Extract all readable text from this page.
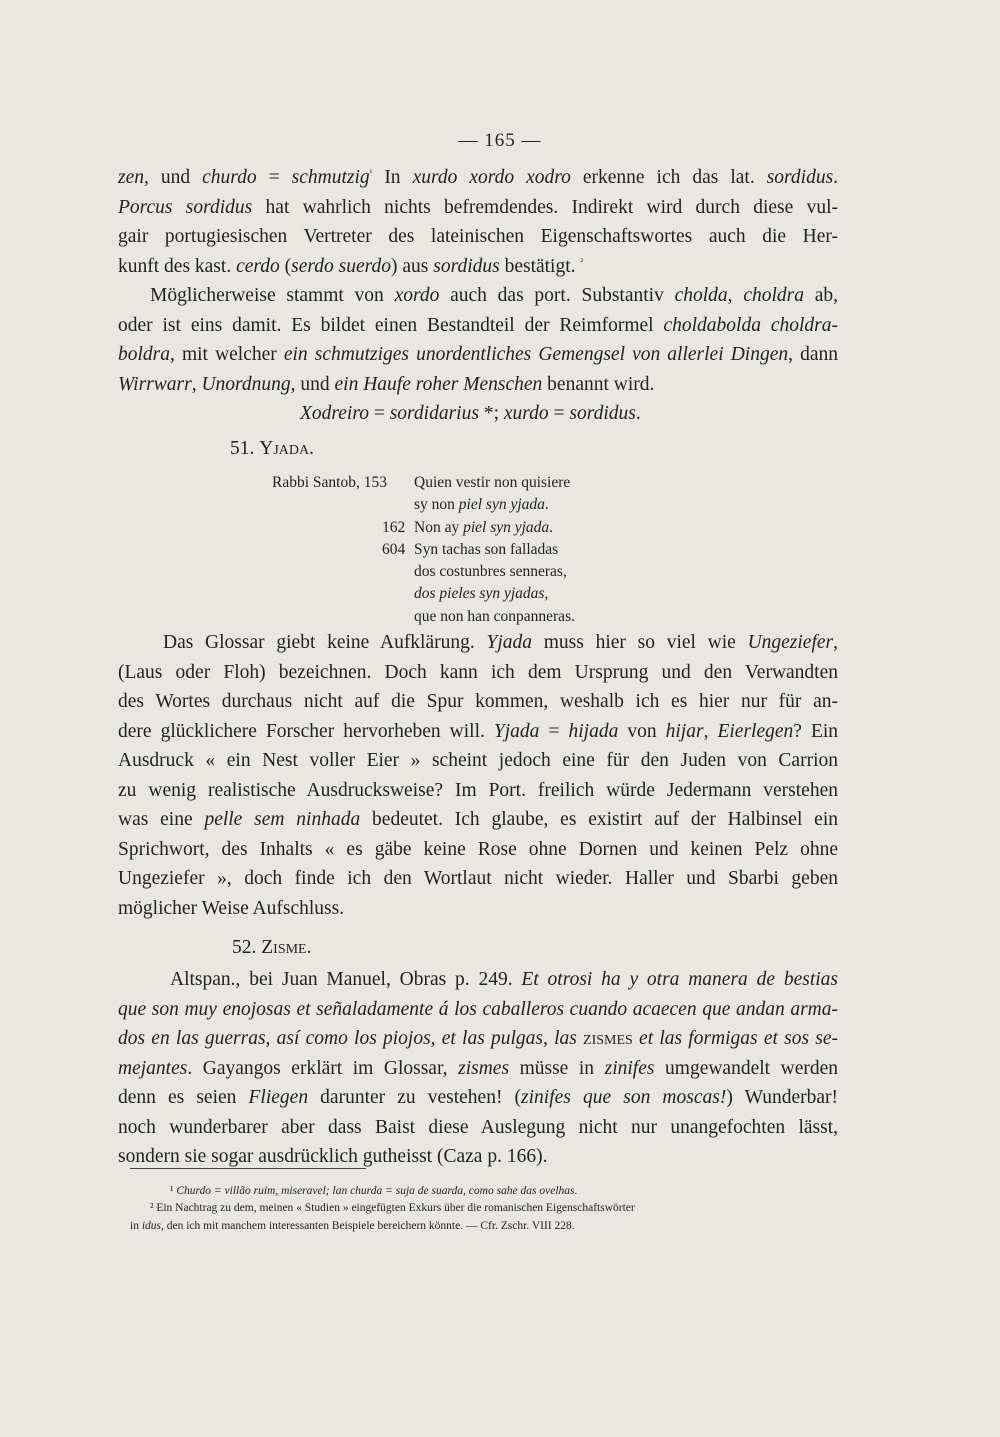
— 165 —
zen, und churdo = schmutzig$^{^1}$ In xurdo xordo xodro erkenne ich das lat. sordidus.
Porcus sordidus hat wahrlich nichts befremdendes. Indirekt wird durch diese vul-
gair portugiesischen Vertreter des lateinischen Eigenschaftswortes auch die Her-
kunft des kast. cerdo (serdo suerdo) aus sordidus bestätigt. $^{^2}$
Möglicherweise stammt von xordo auch das port. Substantiv cholda, choldra ab,
oder ist eins damit. Es bildet einen Bestandteil der Reimformel choldabolda choldra-
boldra, mit welcher ein schmutziges unordentliches Gemengsel von allerlei Dingen, dann
Wirrwarr, Unordnung, und ein Haufe roher Menschen benannt wird.
Xodreiro = sordidarius *; xurdo = sordidus.
51. Yjada.
Rabbi Santob, 153	Quien vestir non quisiere
sy non piel syn yjada.
162 Non ay piel syn yjada.
604 Syn tachas son falladas
dos costunbres senneras,
dos pieles syn yjadas,
que non han conpanneras.
Das Glossar giebt keine Aufklärung. Yjada muss hier so viel wie Ungeziefer,
(Laus oder Floh) bezeichnen. Doch kann ich dem Ursprung und den Verwandten
des Wortes durchaus nicht auf die Spur kommen, weshalb ich es hier nur für an-
dere glücklichere Forscher hervorheben will. Yjada = hijada von hijar, Eierlegen? Ein
Ausdruck « ein Nest voller Eier » scheint jedoch eine für den Juden von Carrion
zu wenig realistische Ausdrucksweise? Im Port. freilich würde Jedermann verstehen
was eine pelle sem ninhada bedeutet. Ich glaube, es existirt auf der Halbinsel ein
Sprichwort, des Inhalts « es gäbe keine Rose ohne Dornen und keinen Pelz ohne
Ungeziefer », doch finde ich den Wortlaut nicht wieder. Haller und Sbarbi geben
möglicher Weise Aufschluss.
52. Zisme.
Altspan., bei Juan Manuel, Obras p. 249. Et otrosi ha y otra manera de bestias
que son muy enojosas et señaladamente á los caballeros cuando acaecen que andan arma-
dos en las guerras, así como los piojos, et las pulgas, las zismes et las formigas et sos se-
mejantes. Gayangos erklärt im Glossar, zismes müsse in zinifes umgewandelt werden
denn es seien Fliegen darunter zu vestehen! (zinifes que son moscas!) Wunderbar!
noch wunderbarer aber dass Baist diese Auslegung nicht nur unangefochten lässt,
sondern sie sogar ausdrücklich gutheisst (Caza p. 166).
¹ Churdo = villão ruim, miseravel; lan churda = suja de suarda, como sahe das ovelhas.
² Ein Nachtrag zu dem, meinen « Studien » eingefügten Exkurs über die romanischen Eigenschaftswörter
in idus, den ich mit manchem interessanten Beispiele bereichern könnte. — Cfr. Zschr. VIII 228.
